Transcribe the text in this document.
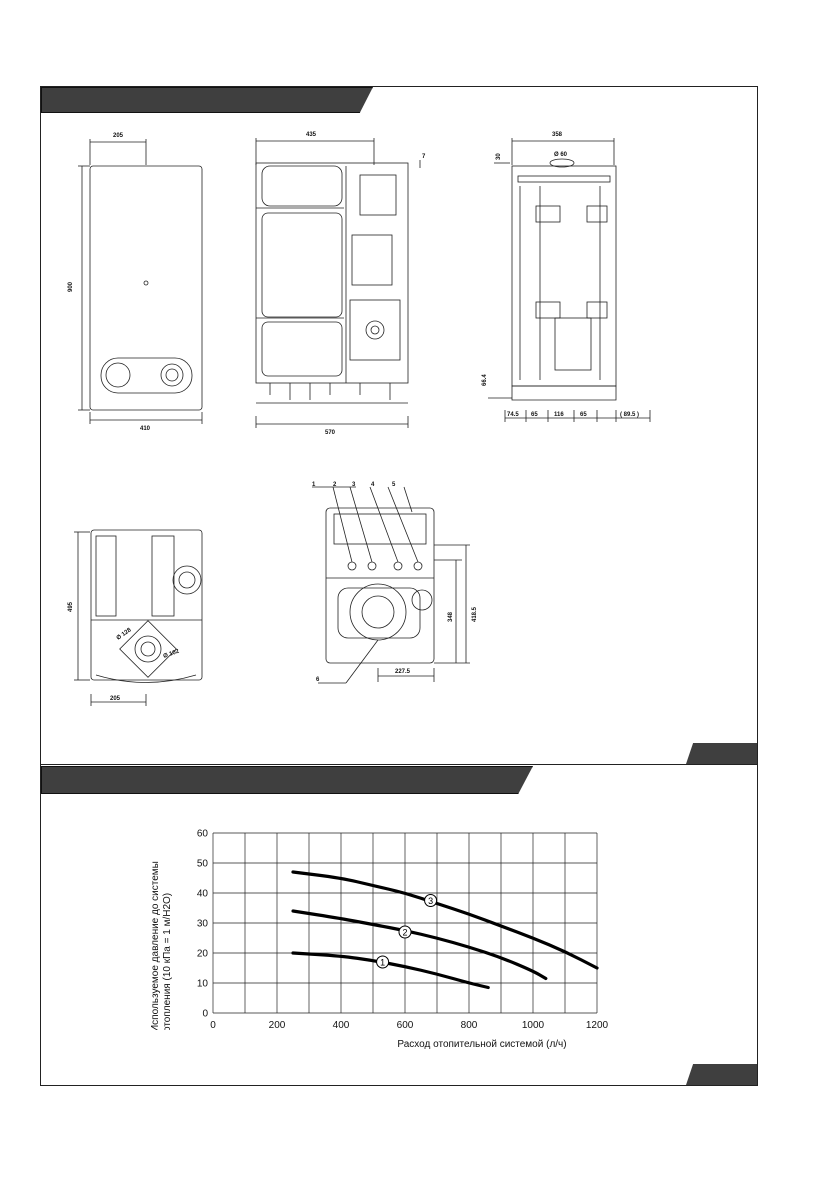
205
900
410
435
570
7
358
Ø 60
30
66.4
74.5 65	116	65	( 89.5 )
495
Ø 128
Ø 102
205
1	2	3	4	5
6
348	418.5
227.5
0	200	400	600	800	1000	1200
0
10
20
30
40
50
60
1
2
3
Расход отопительной системой (л/ч)
Используемое давление до системы отопления (10 кПа = 1 м/H2O)
